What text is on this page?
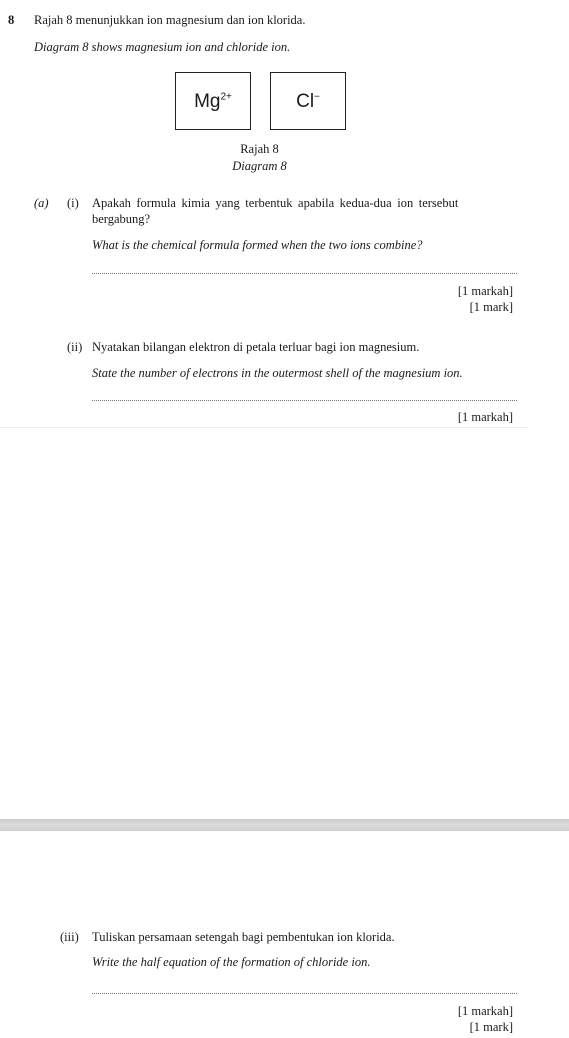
8 Rajah 8 menunjukkan ion magnesium dan ion klorida.
Diagram 8 shows magnesium ion and chloride ion.
$Mg^{2+}$	Cl−
Rajah 8
Diagram 8
(a) (i) Apakah formula kimia yang terbentuk apabila kedua-dua ion tersebut
bergabung?
What is the chemical formula formed when the two ions combine?
[1 markah]
[1 mark]
(ii) Nyatakan bilangan elektron di petala terluar bagi ion magnesium.
State the number of electrons in the outermost shell of the magnesium ion.
[1 markah]
(iii) Tuliskan persamaan setengah bagi pembentukan ion klorida.
Write the half equation of the formation of chloride ion.
[1 markah]
[1 mark]
